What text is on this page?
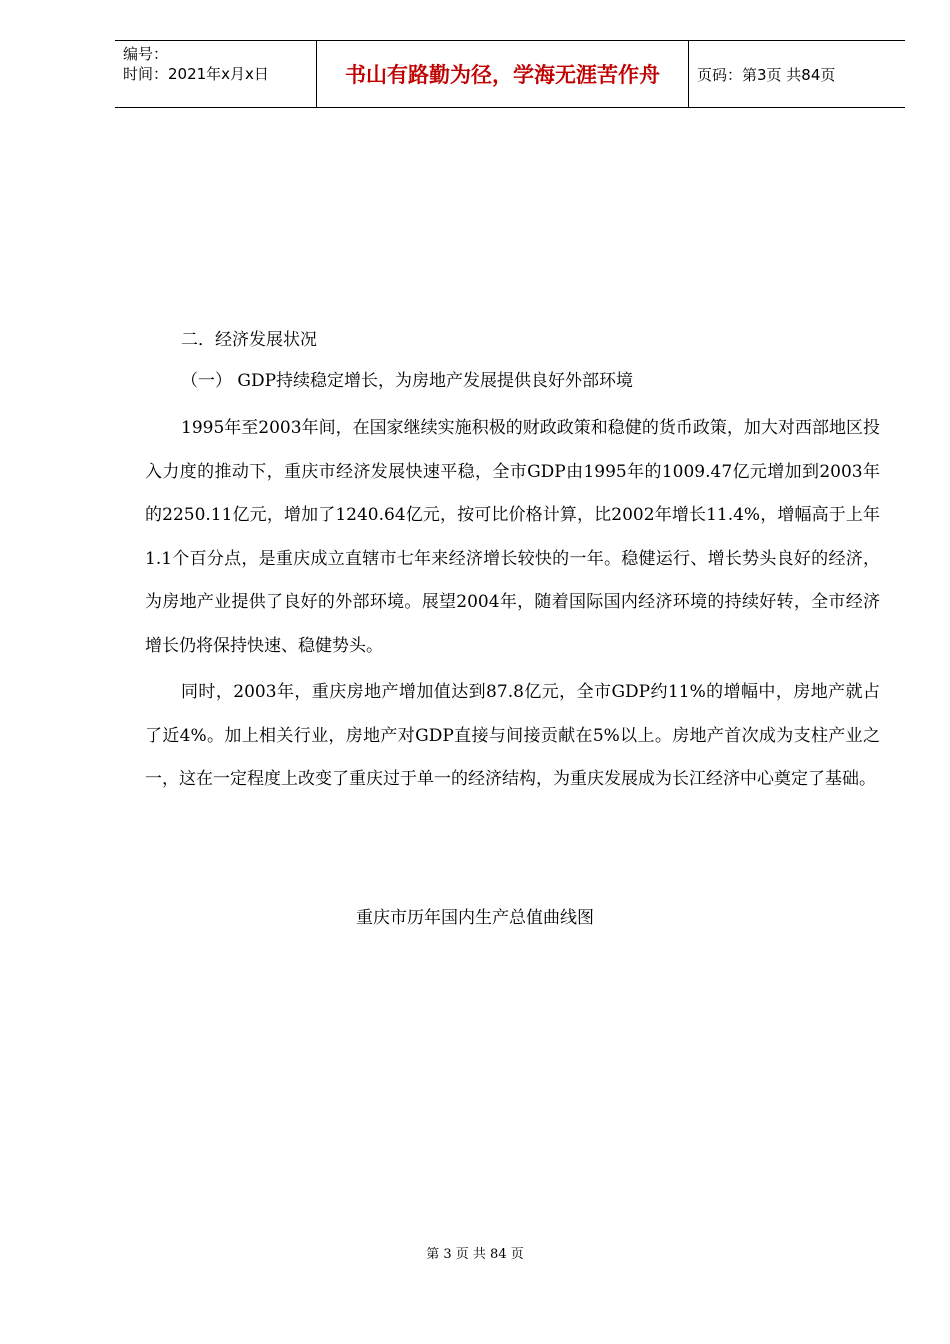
编号：
时间：2021年x月x日	书山有路勤为径，学海无涯苦作舟	页码：第3页 共84页
二．经济发展状况
（一） GDP持续稳定增长，为房地产发展提供良好外部环境

1995年至2003年间，在国家继续实施积极的财政政策和稳健的货币政策，加大对西部地区投入力度的推动下，重庆市经济发展快速平稳，全市GDP由1995年的1009.47亿元增加到2003年的2250.11亿元，增加了1240.64亿元，按可比价格计算，比2002年增长11.4%，增幅高于上年1.1个百分点，是重庆成立直辖市七年来经济增长较快的一年。稳健运行、增长势头良好的经济，为房地产业提供了良好的外部环境。展望2004年，随着国际国内经济环境的持续好转，全市经济增长仍将保持快速、稳健势头。

同时，2003年，重庆房地产增加值达到87.8亿元，全市GDP约11%的增幅中，房地产就占了近4%。加上相关行业，房地产对GDP直接与间接贡献在5%以上。房地产首次成为支柱产业之一，这在一定程度上改变了重庆过于单一的经济结构，为重庆发展成为长江经济中心奠定了基础。

重庆市历年国内生产总值曲线图
第 3 页 共 84 页
